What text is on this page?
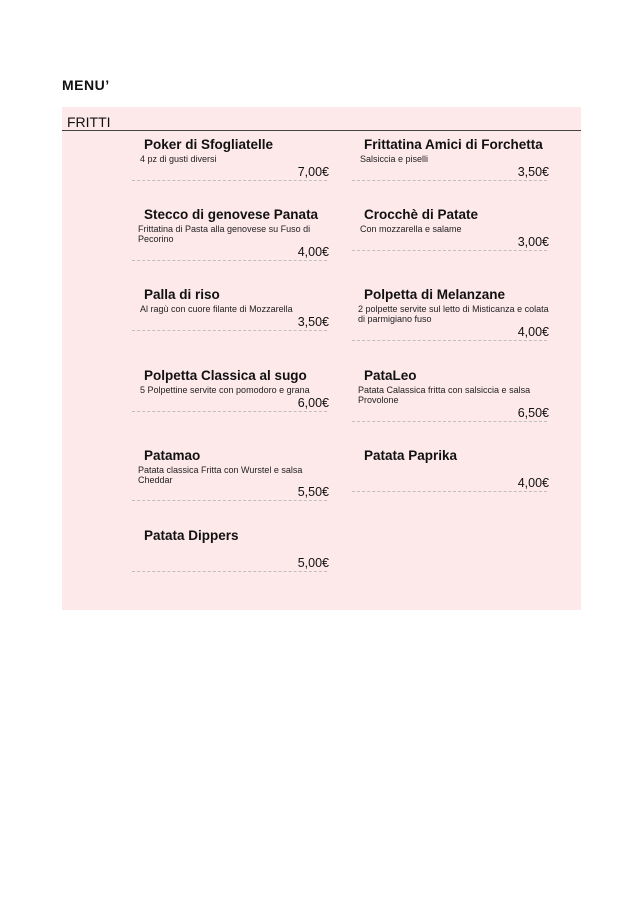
MENU’
FRITTI
Poker di Sfogliatelle
4 pz di gusti diversi
7,00€
Frittatina Amici di Forchetta
Salsiccia e piselli
3,50€
Stecco di genovese Panata
Frittatina di Pasta alla genovese su Fuso di Pecorino
4,00€
Crocchè di Patate
Con mozzarella e salame
3,00€
Palla di riso
Al ragù con cuore filante di Mozzarella
3,50€
Polpetta di Melanzane
2 polpette servite sul letto di Misticanza e colata di parmigiano fuso
4,00€
Polpetta Classica al sugo
5 Polpettine servite con pomodoro e grana
6,00€
PataLeo
Patata Calassica fritta con salsiccia e salsa Provolone
6,50€
Patamao
Patata classica Fritta con Wurstel e salsa Cheddar
5,50€
Patata Paprika
4,00€
Patata Dippers
5,00€
